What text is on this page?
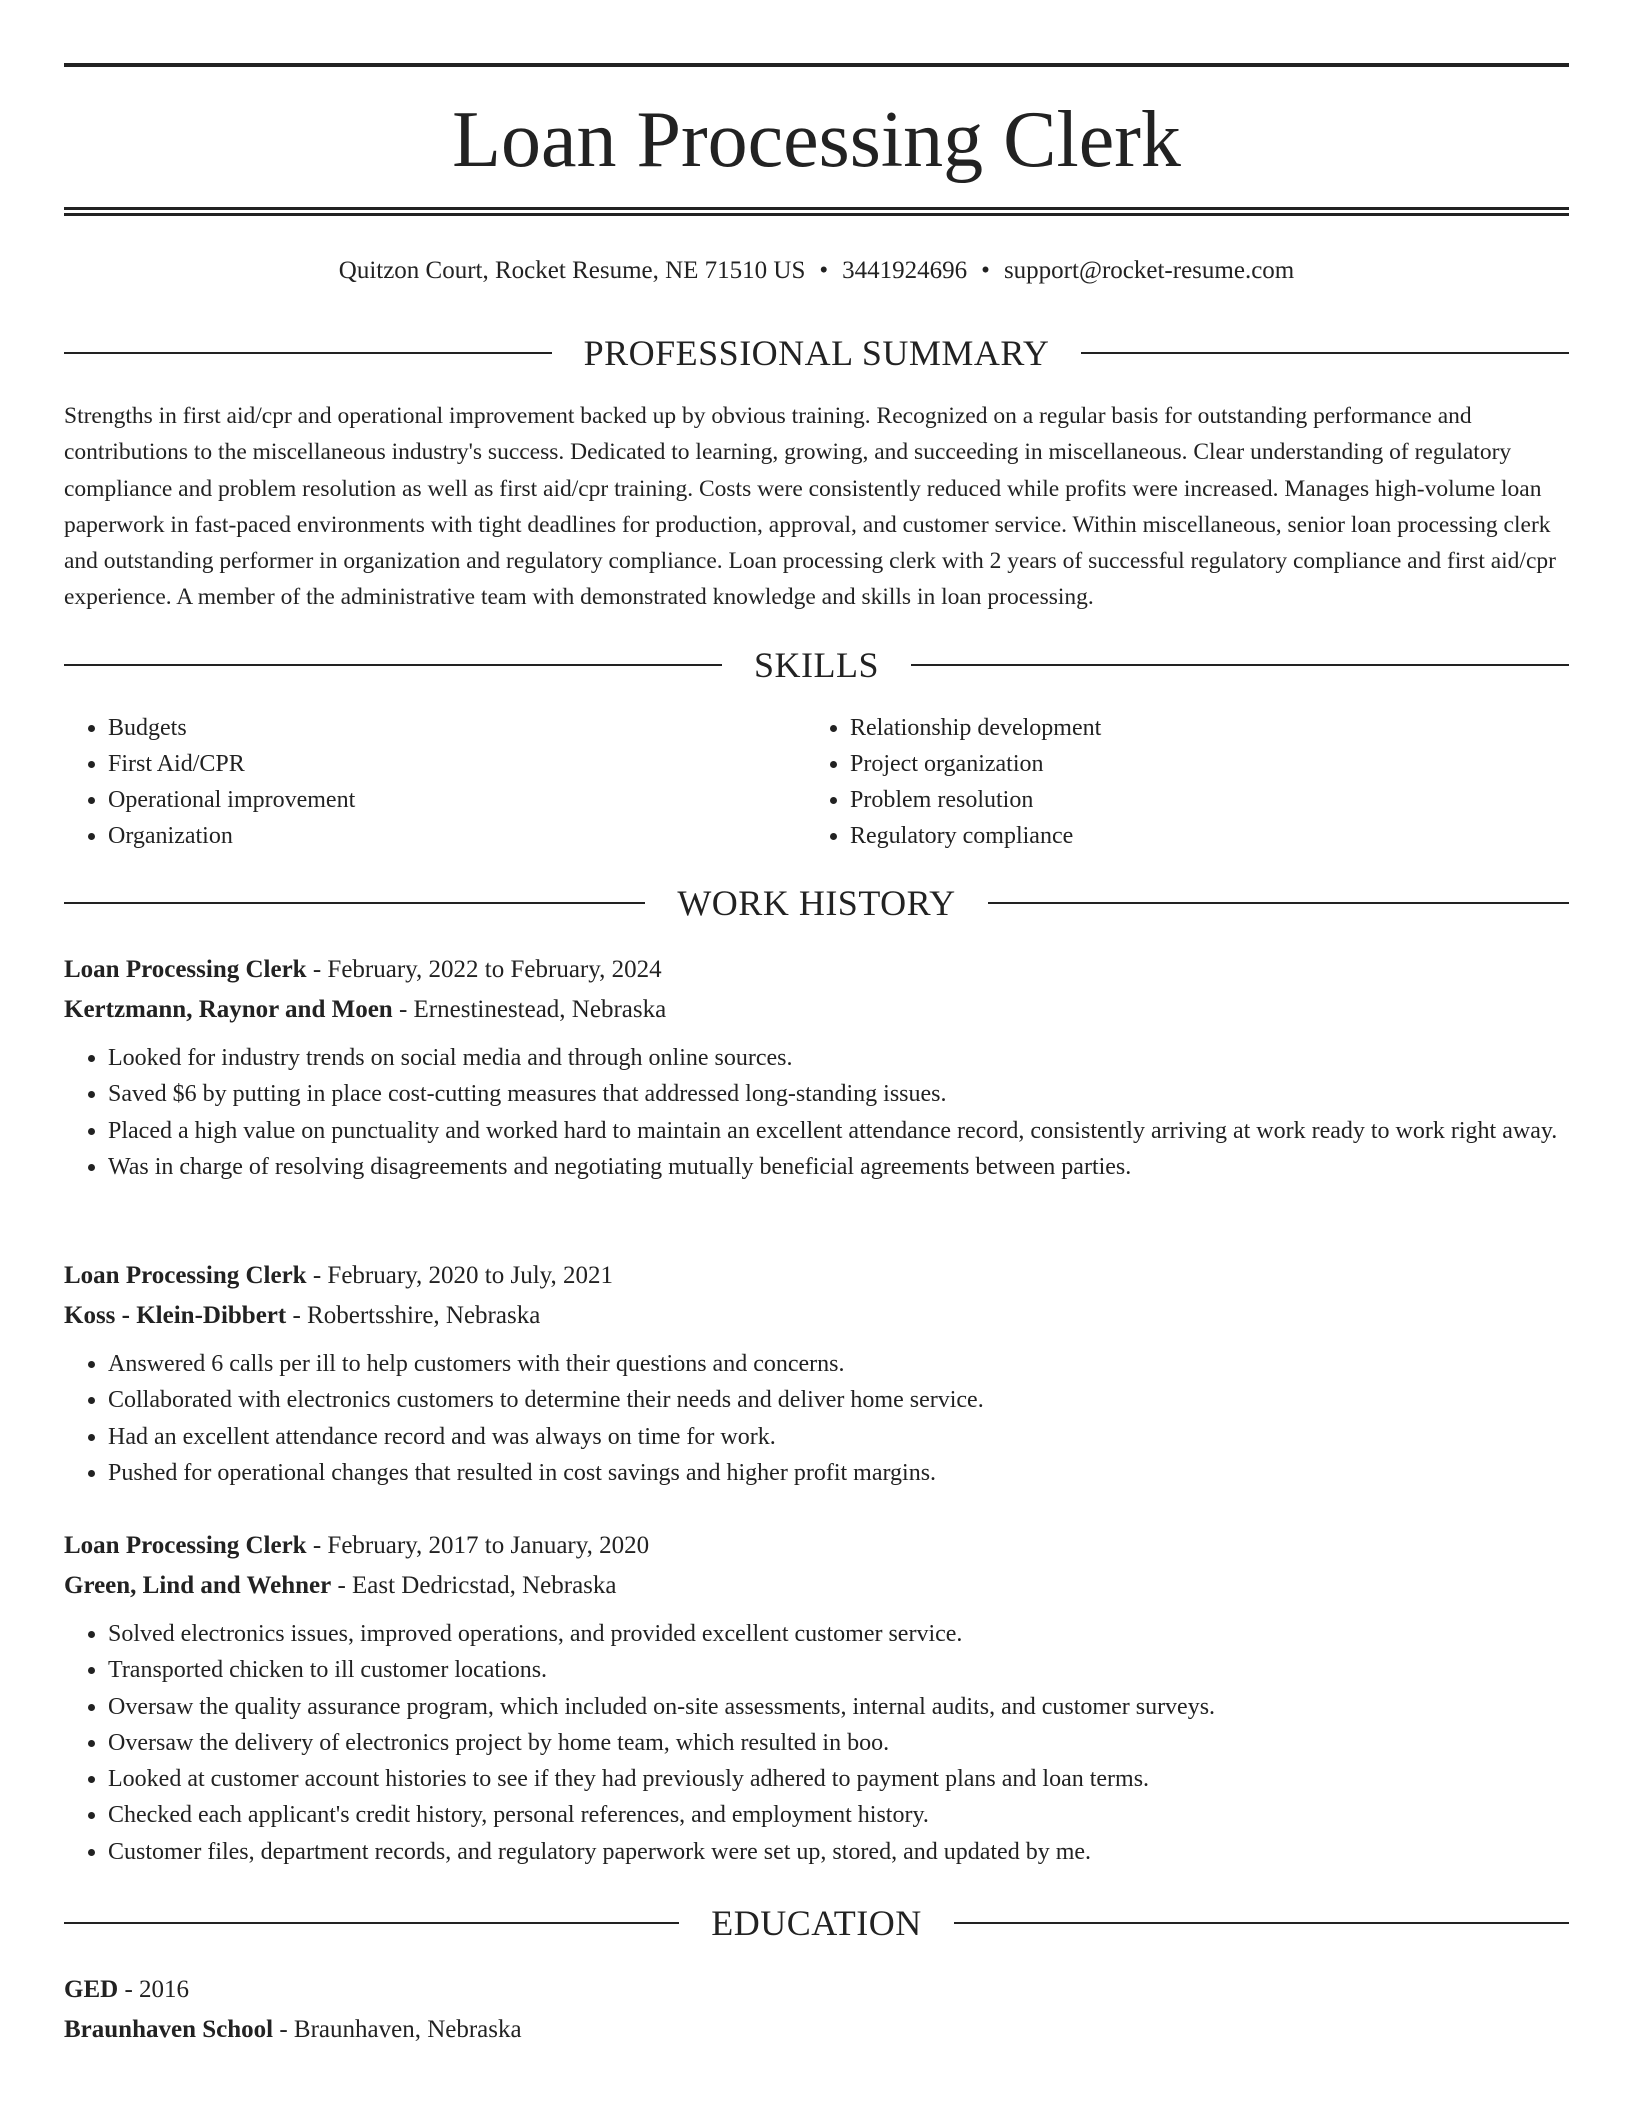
Loan Processing Clerk
Quitzon Court, Rocket Resume, NE 71510 US • 3441924696 • support@rocket-resume.com
PROFESSIONAL SUMMARY

Strengths in first aid/cpr and operational improvement backed up by obvious training. Recognized on a regular basis for outstanding performance and contributions to the miscellaneous industry's success. Dedicated to learning, growing, and succeeding in miscellaneous. Clear understanding of regulatory compliance and problem resolution as well as first aid/cpr training. Costs were consistently reduced while profits were increased. Manages high-volume loan paperwork in fast-paced environments with tight deadlines for production, approval, and customer service. Within miscellaneous, senior loan processing clerk and outstanding performer in organization and regulatory compliance. Loan processing clerk with 2 years of successful regulatory compliance and first aid/cpr experience. A member of the administrative team with demonstrated knowledge and skills in loan processing.

SKILLS
• Budgets
• First Aid/CPR
• Operational improvement
• Organization
• Relationship development
• Project organization
• Problem resolution
• Regulatory compliance
WORK HISTORY
Loan Processing Clerk - February, 2022 to February, 2024
Kertzmann, Raynor and Moen - Ernestinestead, Nebraska
• Looked for industry trends on social media and through online sources.
• Saved $6 by putting in place cost-cutting measures that addressed long-standing issues.
• Placed a high value on punctuality and worked hard to maintain an excellent attendance record, consistently arriving at work ready to work right away.
• Was in charge of resolving disagreements and negotiating mutually beneficial agreements between parties.
Loan Processing Clerk - February, 2020 to July, 2021
Koss - Klein-Dibbert - Robertsshire, Nebraska
• Answered 6 calls per ill to help customers with their questions and concerns.
• Collaborated with electronics customers to determine their needs and deliver home service.
• Had an excellent attendance record and was always on time for work.
• Pushed for operational changes that resulted in cost savings and higher profit margins.
Loan Processing Clerk - February, 2017 to January, 2020
Green, Lind and Wehner - East Dedricstad, Nebraska
• Solved electronics issues, improved operations, and provided excellent customer service.
• Transported chicken to ill customer locations.
• Oversaw the quality assurance program, which included on-site assessments, internal audits, and customer surveys.
• Oversaw the delivery of electronics project by home team, which resulted in boo.
• Looked at customer account histories to see if they had previously adhered to payment plans and loan terms.
• Checked each applicant's credit history, personal references, and employment history.
• Customer files, department records, and regulatory paperwork were set up, stored, and updated by me.
EDUCATION
GED - 2016
Braunhaven School - Braunhaven, Nebraska
